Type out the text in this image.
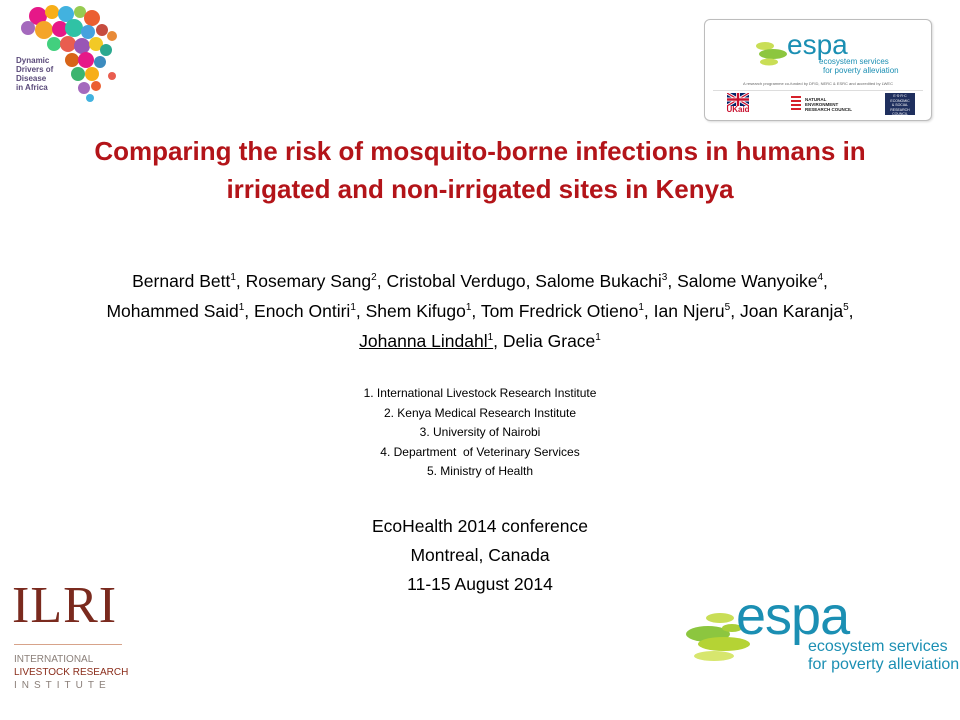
Dynamic
Drivers of
Disease
in Africa
espa
ecosystem services
for poverty alleviation
A research programme co-funded by DFID, NERC & ESRC and accredited by LWEC
UKaid
NATURAL
ENVIRONMENT
RESEARCH COUNCIL
E·S·R·C
ECONOMIC
& SOCIAL
RESEARCH
COUNCIL
Comparing the risk of mosquito-borne infections in humans in
irrigated and non-irrigated sites in Kenya
Bernard Bett$^1$, Rosemary Sang$^2$, Cristobal Verdugo, Salome Bukachi$^3$, Salome Wanyoike$^4$,
Mohammed Said$^1$, Enoch Ontiri$^1$, Shem Kifugo$^1$, Tom Fredrick Otieno$^1$, Ian Njeru$^5$, Joan Karanja$^5$,
Johanna Lindahl$^1$, Delia Grace$^1$
1. International Livestock Research Institute
2. Kenya Medical Research Institute
3. University of Nairobi
4. Department  of Veterinary Services
5. Ministry of Health
EcoHealth 2014 conference
Montreal, Canada
11-15 August 2014
ILRI
INTERNATIONAL
LIVESTOCK RESEARCH
INSTITUTE
espa
ecosystem services
for poverty alleviation
